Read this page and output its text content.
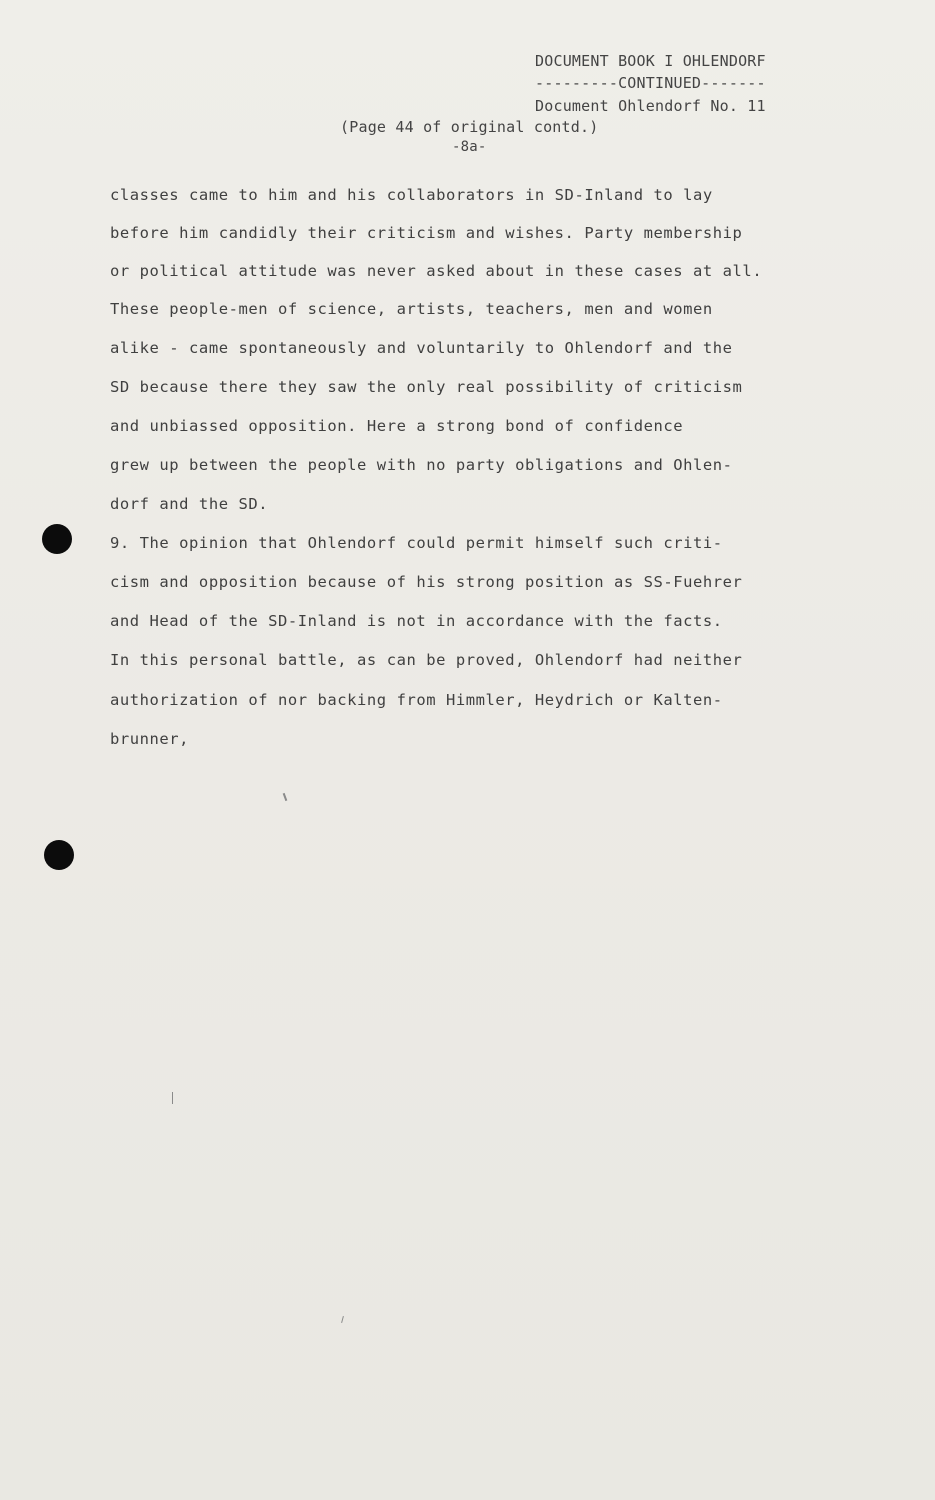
DOCUMENT BOOK I OHLENDORF
---------CONTINUED-------
Document Ohlendorf No. 11
(Page 44 of original contd.)
-8a-
classes came to him and his collaborators in SD-Inland to lay
before him candidly their criticism and wishes. Party membership
or political attitude was never asked about in these cases at all.
These people-men of science, artists, teachers, men and women
alike - came spontaneously and voluntarily to Ohlendorf and the
SD because there they saw the only real possibility of criticism
and unbiassed opposition. Here a strong bond of confidence
grew up between the people with no party obligations and Ohlen-
dorf and the SD.
9. The opinion that Ohlendorf could permit himself such criti-
cism and opposition because of his strong position as SS-Fuehrer
and Head of the SD-Inland is not in accordance with the facts.
In this personal battle, as can be proved, Ohlendorf had neither
authorization of nor backing from Himmler, Heydrich or Kalten-
brunner,
